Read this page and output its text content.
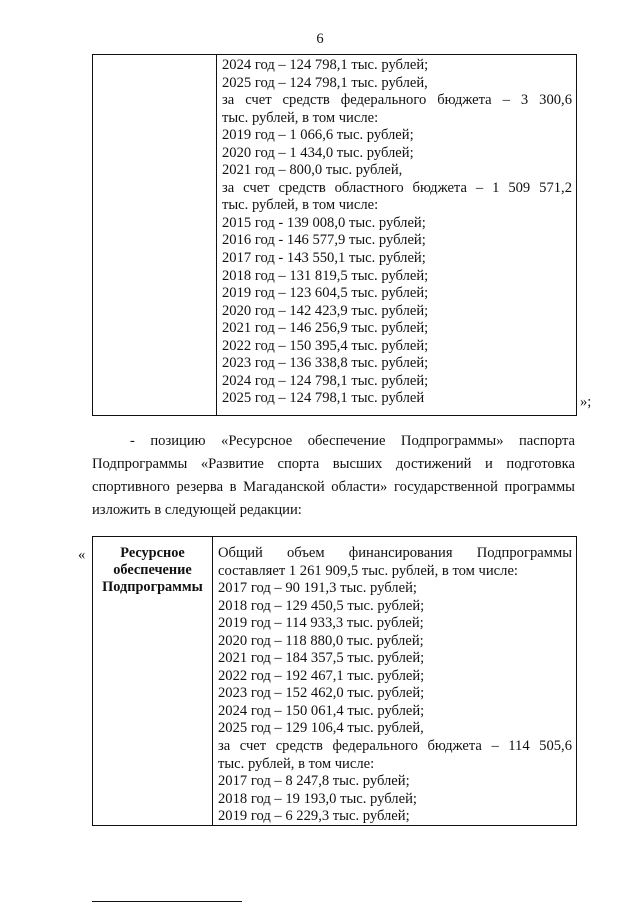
6
2024 год – 124 798,1 тыс. рублей;
2025 год – 124 798,1 тыс. рублей,
за счет средств федерального бюджета – 3 300,6
тыс. рублей, в том числе:
2019 год – 1 066,6 тыс. рублей;
2020 год – 1 434,0 тыс. рублей;
2021 год – 800,0 тыс. рублей,
за счет средств областного бюджета – 1 509 571,2
тыс. рублей, в том числе:
2015 год - 139 008,0 тыс. рублей;
2016 год - 146 577,9 тыс. рублей;
2017 год - 143 550,1 тыс. рублей;
2018 год – 131 819,5 тыс. рублей;
2019 год – 123 604,5 тыс. рублей;
2020 год – 142 423,9 тыс. рублей;
2021 год – 146 256,9 тыс. рублей;
2022 год – 150 395,4 тыс. рублей;
2023 год – 136 338,8 тыс. рублей;
2024 год – 124 798,1 тыс. рублей;
2025 год – 124 798,1 тыс. рублей	»;
- позицию «Ресурсное обеспечение Подпрограммы» паспорта
Подпрограммы «Развитие спорта высших достижений и подготовка
спортивного резерва в Магаданской области» государственной программы
изложить в следующей редакции:
«	Ресурсное
обеспечение
Подпрограммы
Общий объем финансирования Подпрограммы
составляет 1 261 909,5 тыс. рублей, в том числе:
2017 год – 90 191,3 тыс. рублей;
2018 год – 129 450,5 тыс. рублей;
2019 год – 114 933,3 тыс. рублей;
2020 год – 118 880,0 тыс. рублей;
2021 год – 184 357,5 тыс. рублей;
2022 год – 192 467,1 тыс. рублей;
2023 год – 152 462,0 тыс. рублей;
2024 год – 150 061,4 тыс. рублей;
2025 год – 129 106,4 тыс. рублей,
за счет средств федерального бюджета – 114 505,6
тыс. рублей, в том числе:
2017 год – 8 247,8 тыс. рублей;
2018 год – 19 193,0 тыс. рублей;
2019 год – 6 229,3 тыс. рублей;
